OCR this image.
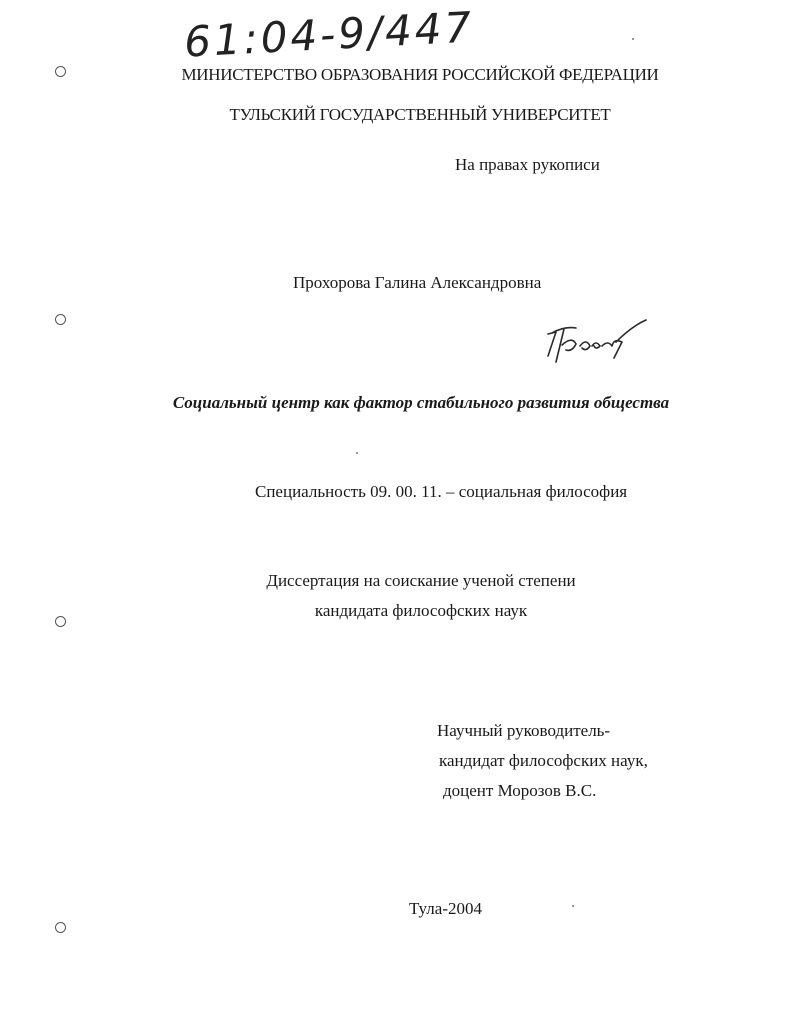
61:04-9/447
МИНИСТЕРСТВО ОБРАЗОВАНИЯ РОССИЙСКОЙ ФЕДЕРАЦИИ
ТУЛЬСКИЙ ГОСУДАРСТВЕННЫЙ УНИВЕРСИТЕТ
На правах рукописи
Прохорова Галина Александровна
Социальный центр как фактор стабильного развития общества
Специальность 09. 00. 11. – социальная философия
Диссертация на соискание ученой степени
кандидата философских наук
Научный руководитель-
кандидат философских наук,
доцент Морозов В.С.
Тула-2004
